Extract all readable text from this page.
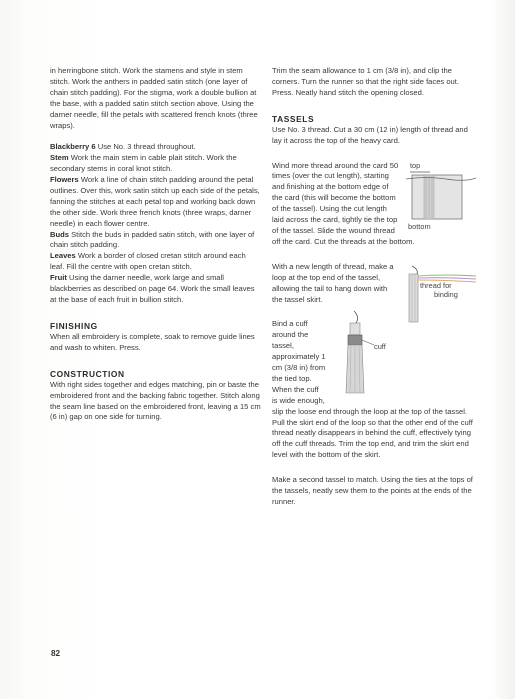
in herringbone stitch. Work the stamens and style in stem stitch. Work the anthers in padded satin stitch (one layer of chain stitch padding). For the stigma, work a double bullion at the base, with a padded satin stitch section above. Using the darner needle, fill the petals with scattered french knots (three wraps).

Blackberry 6 Use No. 3 thread throughout.

Stem Work the main stem in cable plait stitch. Work the secondary stems in coral knot stitch.

Flowers Work a line of chain stitch padding around the petal outlines. Over this, work satin stitch up each side of the petals, fanning the stitches at each petal top and working back down the other side. Work three french knots (three wraps, darner needle) in each flower centre.

Buds Stitch the buds in padded satin stitch, with one layer of chain stitch padding.

Leaves Work a border of closed cretan stitch around each leaf. Fill the centre with open cretan stitch.

Fruit Using the darner needle, work large and small blackberries as described on page 64. Work the small leaves at the base of each fruit in bullion stitch.

FINISHING

When all embroidery is complete, soak to remove guide lines and wash to whiten. Press.

CONSTRUCTION

With right sides together and edges matching, pin or baste the embroidered front and the backing fabric together. Stitch along the seam line based on the embroidered front, leaving a 15 cm (6 in) gap on one side for turning.

Trim the seam allowance to 1 cm (3/8 in), and clip the corners. Turn the runner so that the right side faces out. Press. Neatly hand stitch the opening closed.

TASSELS

Use No. 3 thread. Cut a 30 cm (12 in) length of thread and lay it across the top of the heavy card.

top
bottom

Wind more thread around the card 50 times (over the cut length), starting and finishing at the bottom edge of the card (this will become the bottom of the tassel). Using the cut length laid across the card, tightly tie the top of the tassel. Slide the wound thread off the card. Cut the threads at the bottom.

thread for
binding

With a new length of thread, make a loop at the top end of the tassel, allowing the tail to hang down with the tassel skirt.

cuff

Bind a cuff around the tassel, approximately 1 cm (3/8 in) from the tied top. When the cuff is wide enough, slip the loose end through the loop at the top of the tassel. Pull the skirt end of the loop so that the other end of the cuff thread neatly disappears in behind the cuff, effectively tying off the cuff threads. Trim the top end, and trim the skirt end level with the bottom of the skirt.

Make a second tassel to match. Using the ties at the tops of the tassels, neatly sew them to the points at the ends of the runner.

82
